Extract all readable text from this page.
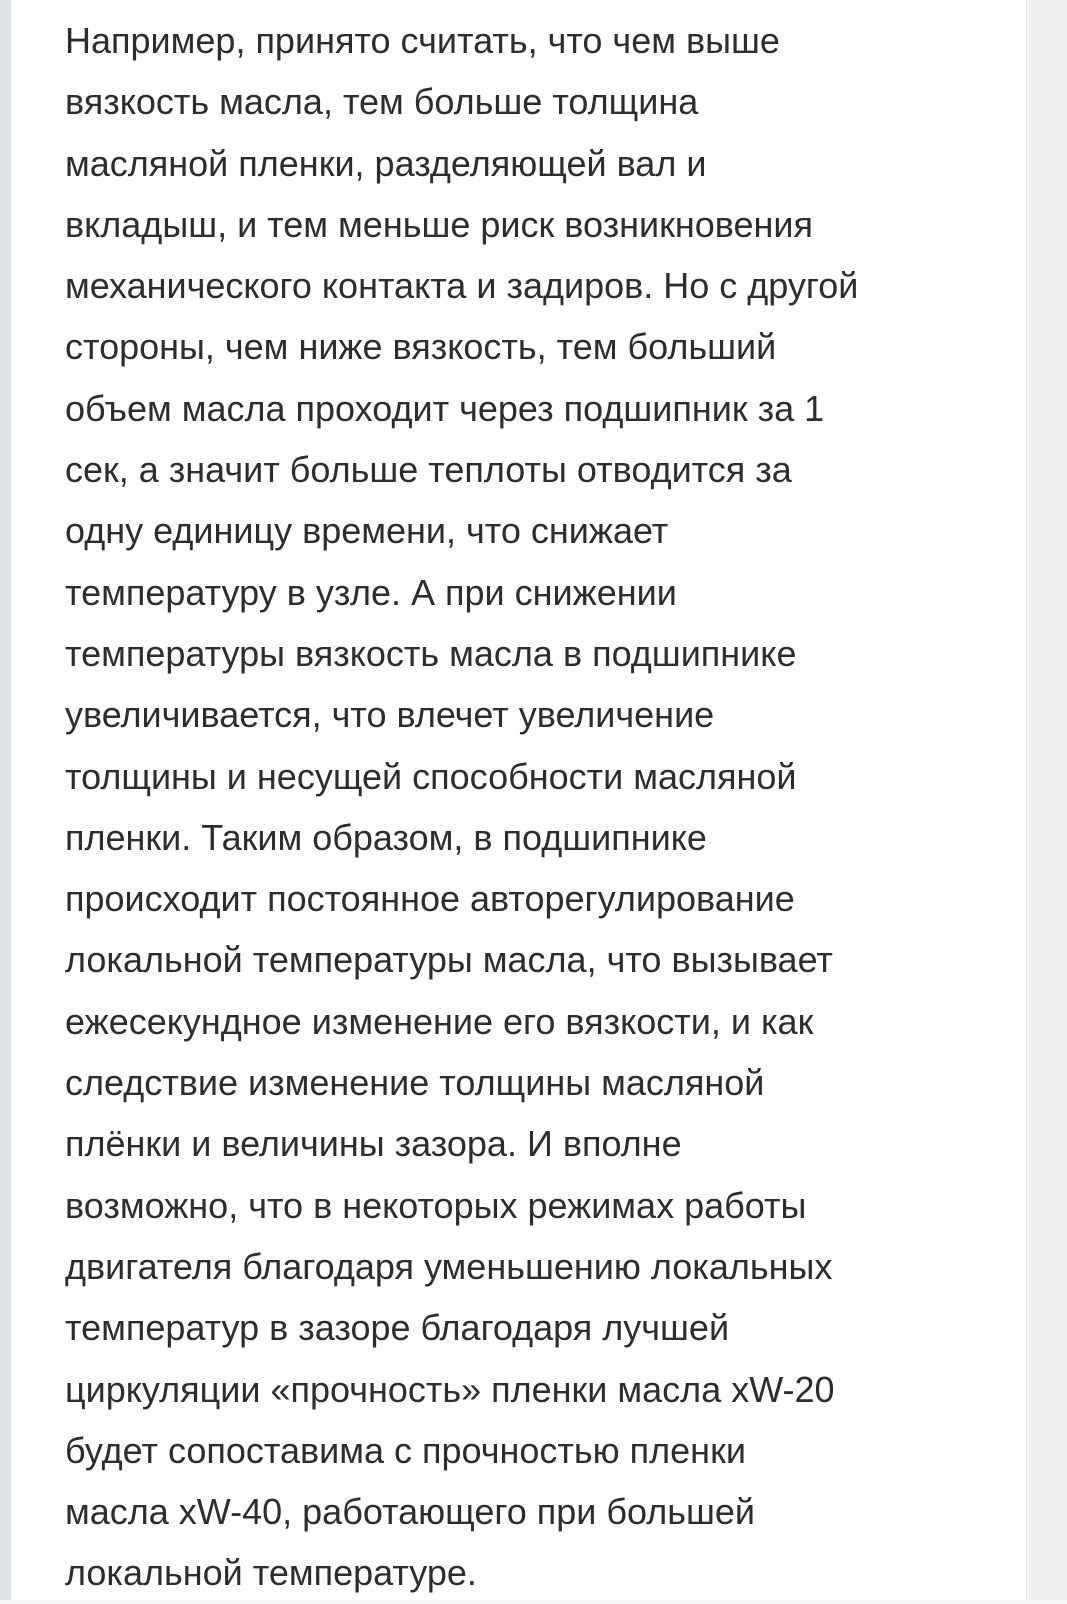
Например, принято считать, что чем выше
вязкость масла, тем больше толщина
масляной пленки, разделяющей вал и
вкладыш, и тем меньше риск возникновения
механического контакта и задиров. Но с другой
стороны, чем ниже вязкость, тем больший
объем масла проходит через подшипник за 1
сек, а значит больше теплоты отводится за
одну единицу времени, что снижает
температуру в узле. А при снижении
температуры вязкость масла в подшипнике
увеличивается, что влечет увеличение
толщины и несущей способности масляной
пленки. Таким образом, в подшипнике
происходит постоянное авторегулирование
локальной температуры масла, что вызывает
ежесекундное изменение его вязкости, и как
следствие изменение толщины масляной
плёнки и величины зазора. И вполне
возможно, что в некоторых режимах работы
двигателя благодаря уменьшению локальных
температур в зазоре благодаря лучшей
циркуляции «прочность» пленки масла xW-20
будет сопоставима с прочностью пленки
масла xW-40, работающего при большей
локальной температуре.
